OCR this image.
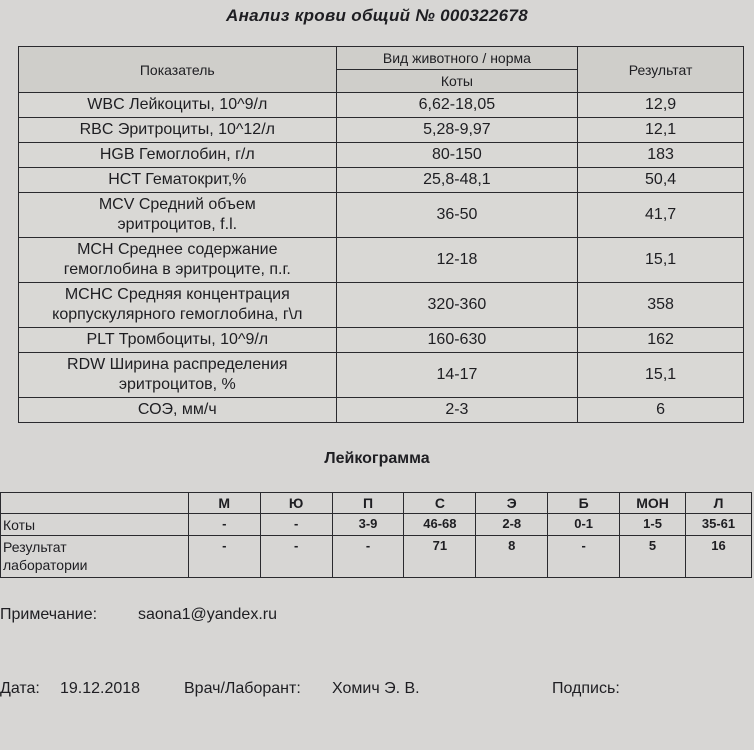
Анализ крови общий № 000322678
Показатель	Вид животного / норма	Результат
	Коты	
WBC Лейкоциты, 10^9/л	6,62-18,05	12,9
RBC Эритроциты, 10^12/л	5,28-9,97	12,1
HGB Гемоглобин, г/л	80-150	183
HCT Гематокрит,%	25,8-48,1	50,4
MCV Средний объем
эритроцитов, f.l.	36-50	41,7
MCH Среднее содержание
гемоглобина в эритроците, п.г.	12-18	15,1
MCHC Средняя концентрация
корпускулярного гемоглобина, г\л	320-360	358
PLT Тромбоциты, 10^9/л	160-630	162
RDW Ширина распределения
эритроцитов, %	14-17	15,1
СОЭ, мм/ч	2-3	6
Лейкограмма
	М	Ю	П	С	Э	Б	МОН	Л
Коты	-	-	3-9	46-68	2-8	0-1	1-5	35-61
Результат
лаборатории	-	-	-	71	8	-	5	16
Примечание:	saona1@yandex.ru
Дата: 19.12.2018	Врач/Лаборант: Хомич Э. В.	Подпись:
